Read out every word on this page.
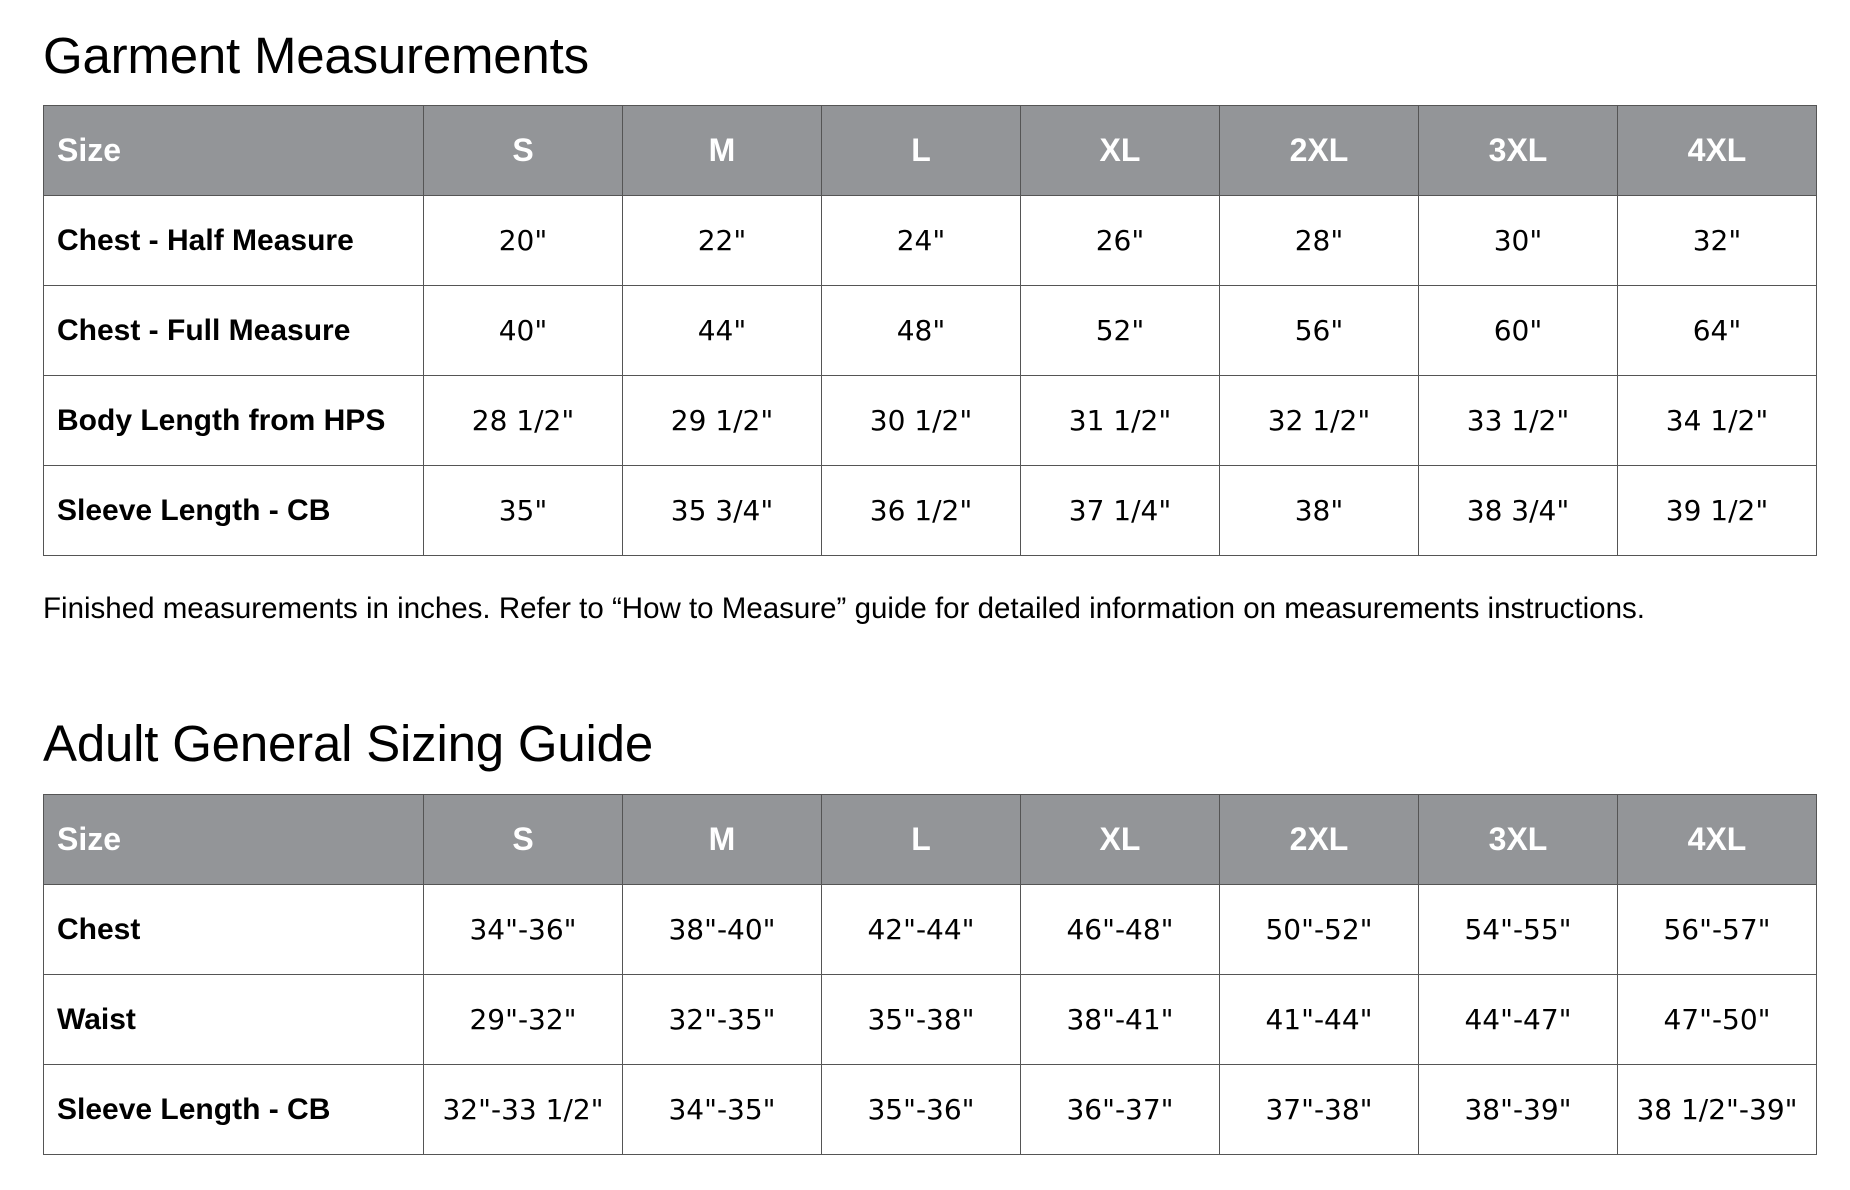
Garment Measurements
Size	S	M	L	XL	2XL	3XL	4XL
Chest - Half Measure	20"	22"	24"	26"	28"	30"	32"
Chest - Full Measure	40"	44"	48"	52"	56"	60"	64"
Body Length from HPS	28 1/2"	29 1/2"	30 1/2"	31 1/2"	32 1/2"	33 1/2"	34 1/2"
Sleeve Length - CB	35"	35 3/4"	36 1/2"	37 1/4"	38"	38 3/4"	39 1/2"

Finished measurements in inches. Refer to “How to Measure” guide for detailed information on measurements instructions.

Adult General Sizing Guide
Size	S	M	L	XL	2XL	3XL	4XL
Chest	34"-36"	38"-40"	42"-44"	46"-48"	50"-52"	54"-55"	56"-57"
Waist	29"-32"	32"-35"	35"-38"	38"-41"	41"-44"	44"-47"	47"-50"
Sleeve Length - CB	32"-33 1/2"	34"-35"	35"-36"	36"-37"	37"-38"	38"-39"	38 1/2"-39"
